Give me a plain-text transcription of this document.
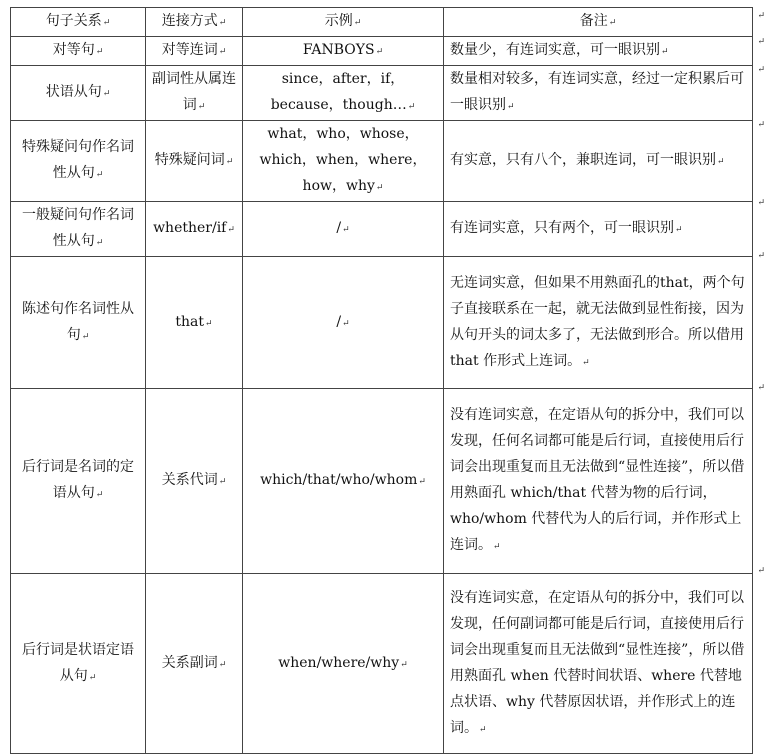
句子关系↵	连接方式↵	示例↵	备注↵
对等句↵	对等连词↵	FANBOYS↵	数量少，有连词实意，可一眼识别↵
状语从句↵	副词性从属连词↵	since，after，if，because，though…↵	数量相对较多，有连词实意，经过一定积累后可一眼识别↵
特殊疑问句作名词性从句↵	特殊疑问词↵	what，who，whose，which，when，where，how，why↵	有实意，只有八个，兼职连词，可一眼识别↵
一般疑问句作名词性从句↵	whether/if↵	/↵	有连词实意，只有两个，可一眼识别↵
陈述句作名词性从句↵	that↵	/↵	无连词实意，但如果不用熟面孔的that，两个句子直接联系在一起，就无法做到显性衔接，因为从句开头的词太多了，无法做到形合。所以借用 that 作形式上连词。↵
后行词是名词的定语从句↵	关系代词↵	which/that/who/whom↵	没有连词实意，在定语从句的拆分中，我们可以发现，任何名词都可能是后行词，直接使用后行词会出现重复而且无法做到“显性连接”，所以借用熟面孔 which/that 代替为物的后行词，who/whom 代替代为人的后行词，并作形式上连词。↵
后行词是状语定语从句↵	关系副词↵	when/where/why↵	没有连词实意，在定语从句的拆分中，我们可以发现，任何副词都可能是后行词，直接使用后行词会出现重复而且无法做到“显性连接”，所以借用熟面孔 when 代替时间状语、where 代替地点状语、why 代替原因状语，并作形式上的连词。↵
↵
↵
↵
↵
↵
↵
↵
↵
